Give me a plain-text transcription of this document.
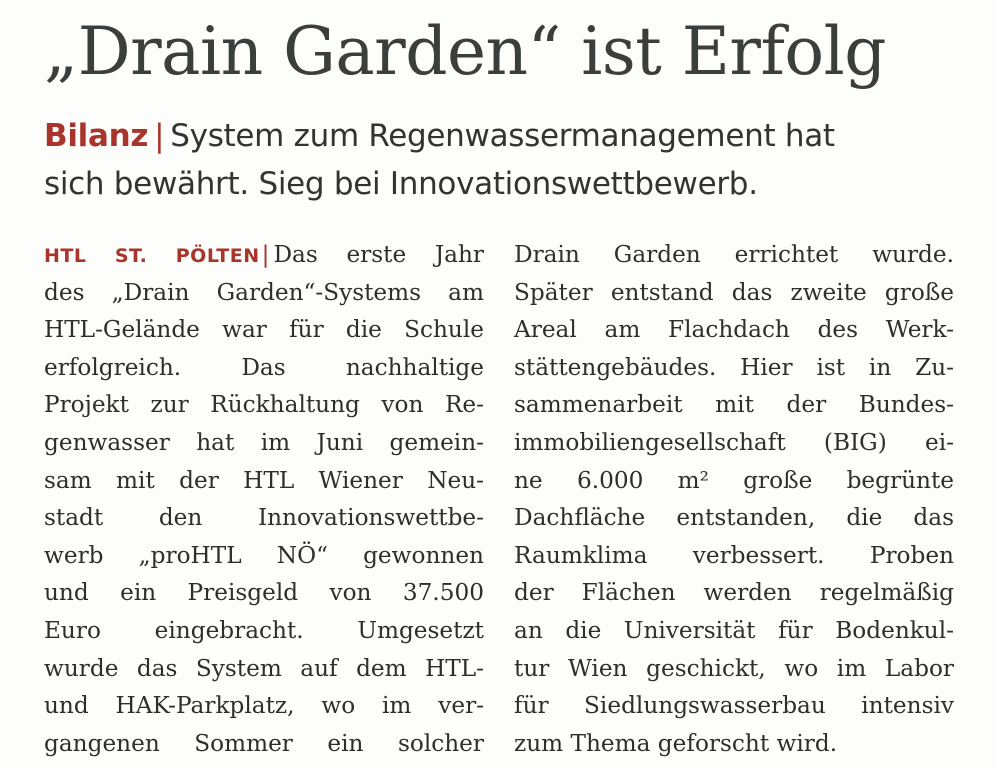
„Drain Garden“ ist Erfolg
Bilanz | System zum Regenwassermanagement hat
sich bewährt. Sieg bei Innovationswettbewerb.
HTL ST. PÖLTEN| Das erste Jahr
des „Drain Garden“-Systems am
HTL-Gelände war für die Schule
erfolgreich. Das nachhaltige
Projekt zur Rückhaltung von Re-
genwasser hat im Juni gemein-
sam mit der HTL Wiener Neu-
stadt den Innovationswettbe-
werb „proHTL NÖ“ gewonnen
und ein Preisgeld von 37.500
Euro eingebracht. Umgesetzt
wurde das System auf dem HTL-
und HAK-Parkplatz, wo im ver-
gangenen Sommer ein solcher
Drain Garden errichtet wurde.
Später entstand das zweite große
Areal am Flachdach des Werk-
stättengebäudes. Hier ist in Zu-
sammenarbeit mit der Bundes-
immobiliengesellschaft (BIG) ei-
ne 6.000 m² große begrünte
Dachfläche entstanden, die das
Raumklima verbessert. Proben
der Flächen werden regelmäßig
an die Universität für Bodenkul-
tur Wien geschickt, wo im Labor
für Siedlungswasserbau intensiv
zum Thema geforscht wird.
